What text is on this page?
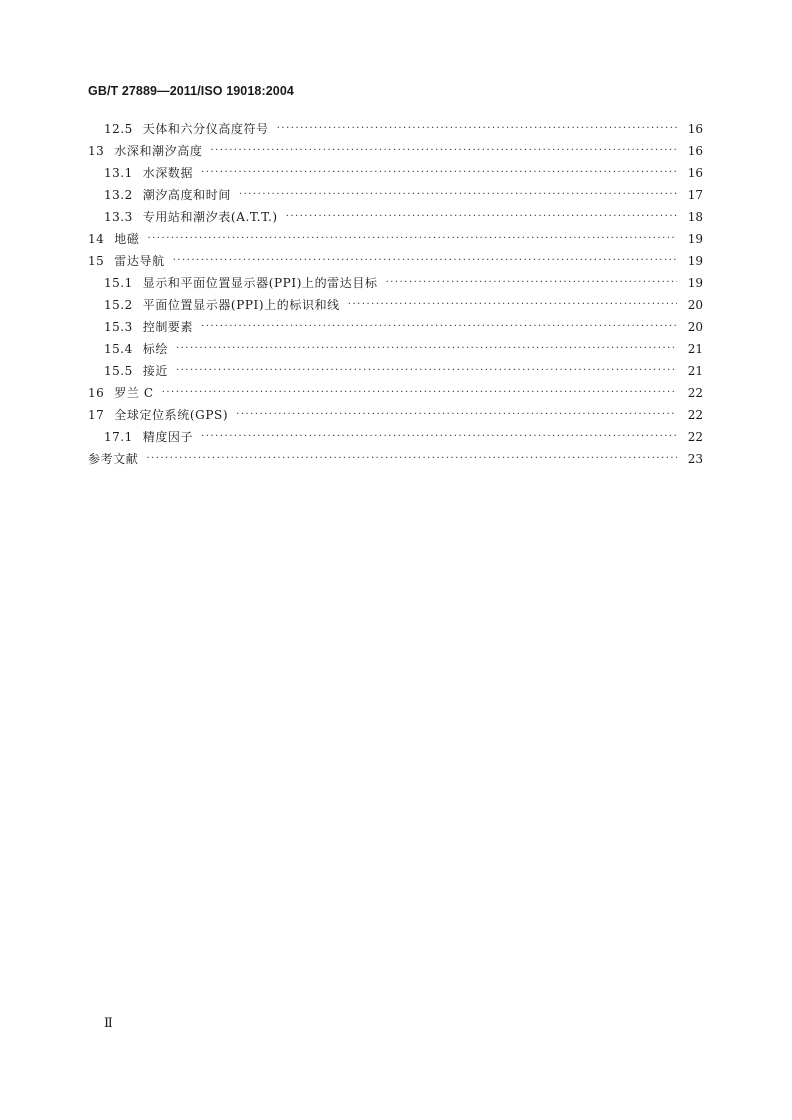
GB/T 27889—2011/ISO 19018:2004
12.5 天体和六分仪高度符号 ·····	16
13 水深和潮汐高度 ·····	16
13.1 水深数据 ·····	16
13.2 潮汐高度和时间 ·····	17
13.3 专用站和潮汐表(A.T.T.) ·····	18
14 地磁 ·····	19
15 雷达导航 ·····	19
15.1 显示和平面位置显示器(PPI)上的雷达目标 ·····	19
15.2 平面位置显示器(PPI)上的标识和线 ·····	20
15.3 控制要素 ·····	20
15.4 标绘 ·····	21
15.5 接近 ·····	21
16 罗兰 C ·····	22
17 全球定位系统(GPS) ·····	22
17.1 精度因子 ·····	22
参考文献 ·····	23
Ⅱ
